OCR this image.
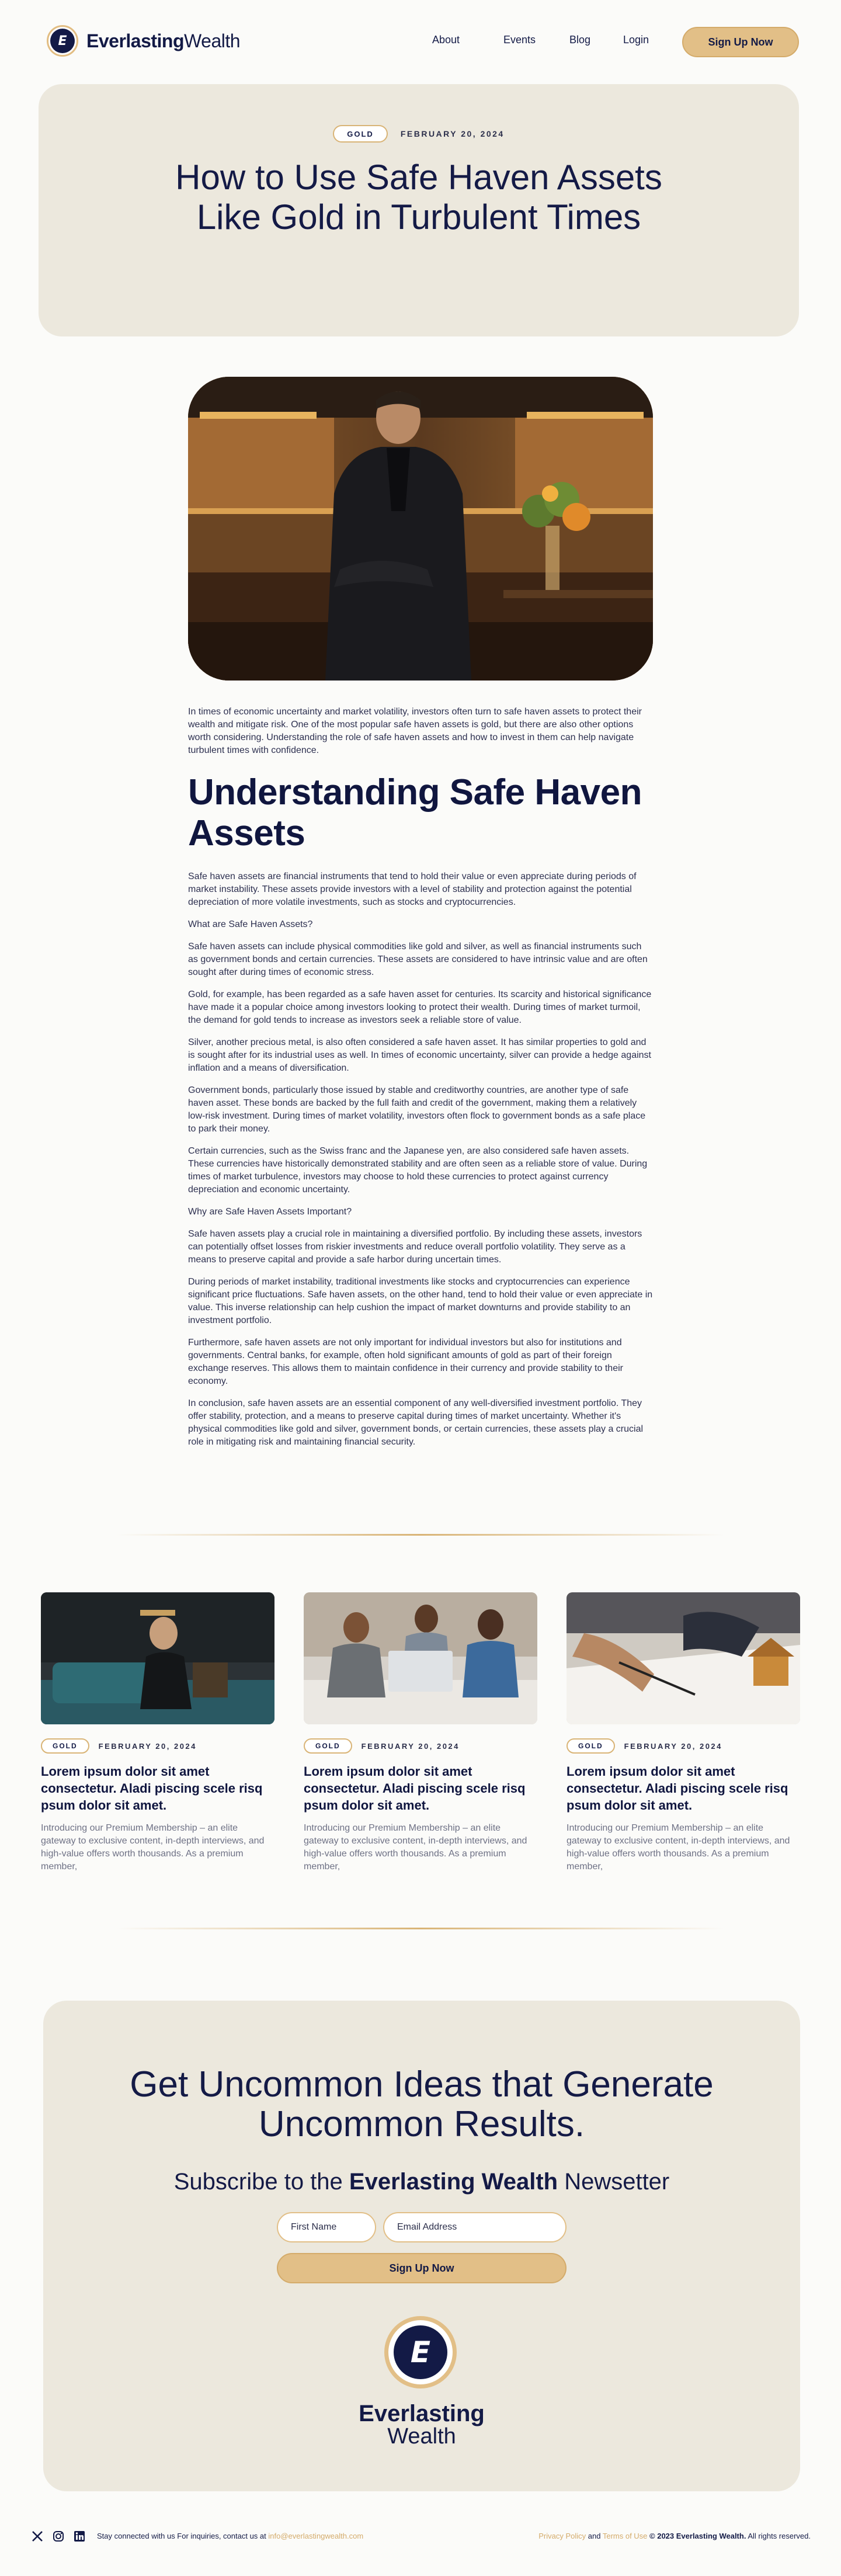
E	EverlastingWealth	About	Events	Blog	Login	Sign Up Now
GOLD	FEBRUARY 20, 2024
How to Use Safe Haven Assets Like Gold in Turbulent Times

In times of economic uncertainty and market volatility, investors often turn to safe haven assets to protect their wealth and mitigate risk. One of the most popular safe haven assets is gold, but there are also other options worth considering. Understanding the role of safe haven assets and how to invest in them can help navigate turbulent times with confidence.

Understanding Safe Haven Assets

Safe haven assets are financial instruments that tend to hold their value or even appreciate during periods of market instability. These assets provide investors with a level of stability and protection against the potential depreciation of more volatile investments, such as stocks and cryptocurrencies.

What are Safe Haven Assets?

Safe haven assets can include physical commodities like gold and silver, as well as financial instruments such as government bonds and certain currencies. These assets are considered to have intrinsic value and are often sought after during times of economic stress.

Gold, for example, has been regarded as a safe haven asset for centuries. Its scarcity and historical significance have made it a popular choice among investors looking to protect their wealth. During times of market turmoil, the demand for gold tends to increase as investors seek a reliable store of value.

Silver, another precious metal, is also often considered a safe haven asset. It has similar properties to gold and is sought after for its industrial uses as well. In times of economic uncertainty, silver can provide a hedge against inflation and a means of diversification.

Government bonds, particularly those issued by stable and creditworthy countries, are another type of safe haven asset. These bonds are backed by the full faith and credit of the government, making them a relatively low-risk investment. During times of market volatility, investors often flock to government bonds as a safe place to park their money.

Certain currencies, such as the Swiss franc and the Japanese yen, are also considered safe haven assets. These currencies have historically demonstrated stability and are often seen as a reliable store of value. During times of market turbulence, investors may choose to hold these currencies to protect against currency depreciation and economic uncertainty.

Why are Safe Haven Assets Important?

Safe haven assets play a crucial role in maintaining a diversified portfolio. By including these assets, investors can potentially offset losses from riskier investments and reduce overall portfolio volatility. They serve as a means to preserve capital and provide a safe harbor during uncertain times.

During periods of market instability, traditional investments like stocks and cryptocurrencies can experience significant price fluctuations. Safe haven assets, on the other hand, tend to hold their value or even appreciate in value. This inverse relationship can help cushion the impact of market downturns and provide stability to an investment portfolio.

Furthermore, safe haven assets are not only important for individual investors but also for institutions and governments. Central banks, for example, often hold significant amounts of gold as part of their foreign exchange reserves. This allows them to maintain confidence in their currency and provide stability to their economy.

In conclusion, safe haven assets are an essential component of any well-diversified investment portfolio. They offer stability, protection, and a means to preserve capital during times of market uncertainty. Whether it's physical commodities like gold and silver, government bonds, or certain currencies, these assets play a crucial role in mitigating risk and maintaining financial security.

GOLD	FEBRUARY 20, 2024
Lorem ipsum dolor sit amet consectetur. Aladi piscing scele risq psum dolor sit amet.
Introducing our Premium Membership – an elite gateway to exclusive content, in-depth interviews, and high-value offers worth thousands. As a premium member,
GOLD	FEBRUARY 20, 2024
Lorem ipsum dolor sit amet consectetur. Aladi piscing scele risq psum dolor sit amet.
Introducing our Premium Membership – an elite gateway to exclusive content, in-depth interviews, and high-value offers worth thousands. As a premium member,
GOLD	FEBRUARY 20, 2024
Lorem ipsum dolor sit amet consectetur. Aladi piscing scele risq psum dolor sit amet.
Introducing our Premium Membership – an elite gateway to exclusive content, in-depth interviews, and high-value offers worth thousands. As a premium member,
Get Uncommon Ideas that Generate Uncommon Results.
Subscribe to the Everlasting Wealth Newsetter
First Name	Email Address
Sign Up Now
E
Everlasting
Wealth
Stay connected with us For inquiries, contact us at info@everlastingwealth.com	Privacy Policy and Terms of Use © 2023 Everlasting Wealth. All rights reserved.
